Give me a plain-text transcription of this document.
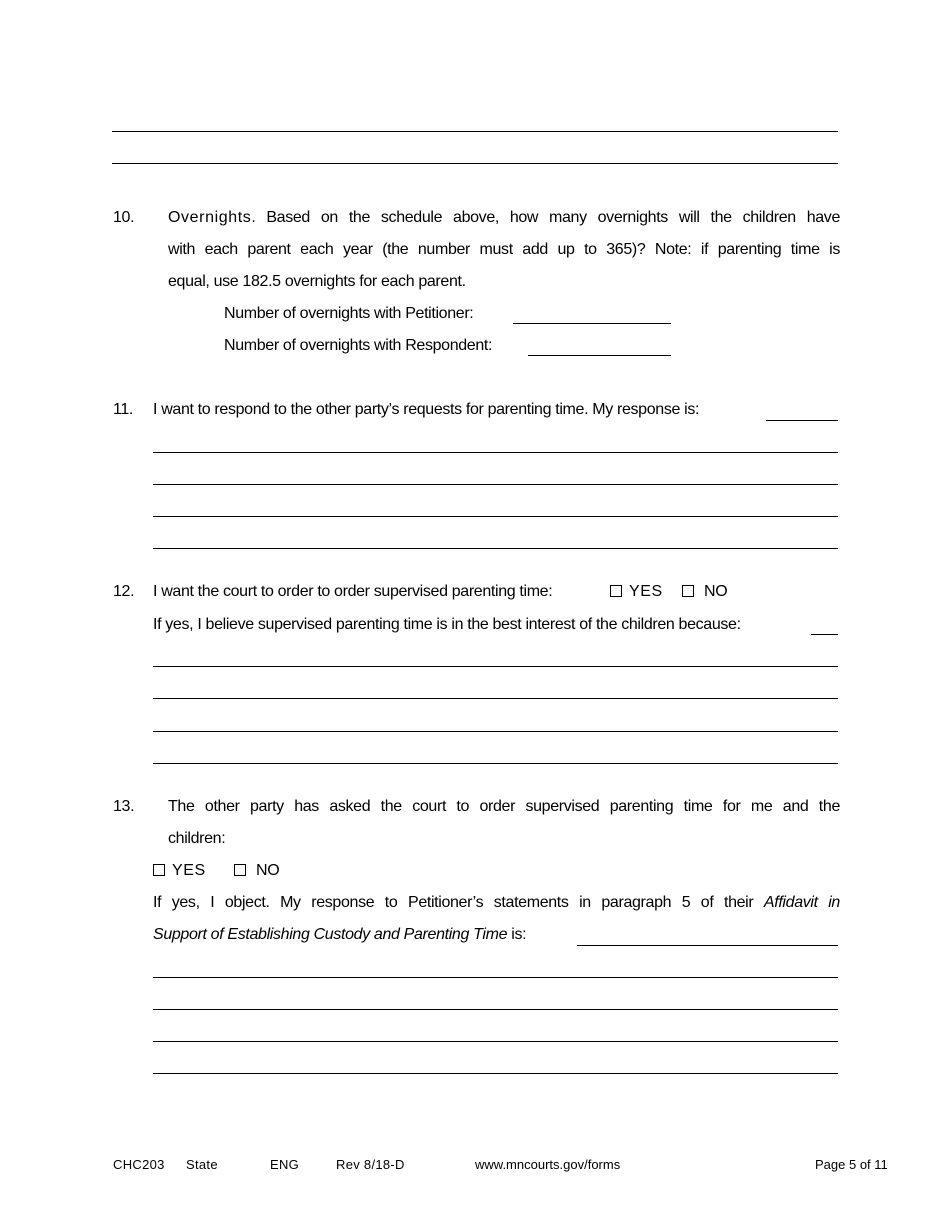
10. Overnights. Based on the schedule above, how many overnights will the children have
with each parent each year (the number must add up to 365)? Note: if parenting time is
equal, use 182.5 overnights for each parent.
Number of overnights with Petitioner:
Number of overnights with Respondent:
11. I want to respond to the other party’s requests for parenting time. My response is:
12. I want the court to order to order supervised parenting time:	YES	NO
If yes, I believe supervised parenting time is in the best interest of the children because:
13. The other party has asked the court to order supervised parenting time for me and the
children:
YES	NO
If yes, I object. My response to Petitioner’s statements in paragraph 5 of their Affidavit in
Support of Establishing Custody and Parenting Time is:
CHC203 State	ENG	Rev 8/18-D	www.mncourts.gov/forms	Page 5 of 11
